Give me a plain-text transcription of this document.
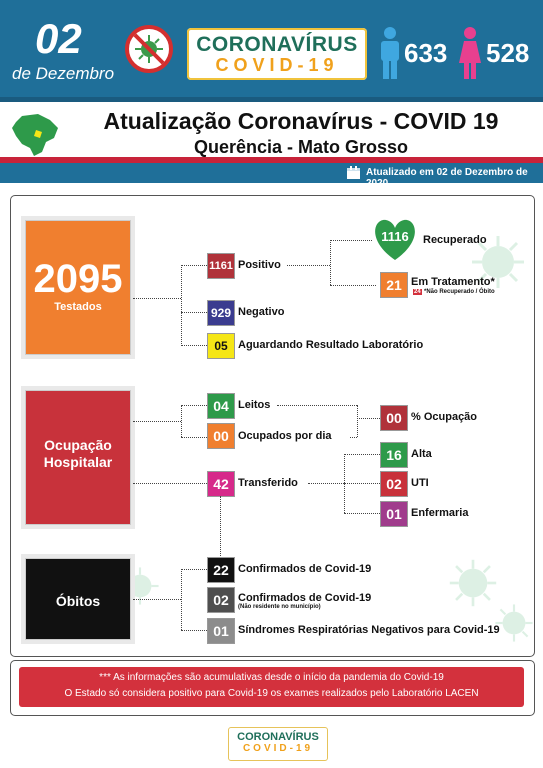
02
de Dezembro
CORONAVÍRUS
COVID-19	633 528
Atualização Coronavírus - COVID 19
Querência - Mato Grosso
Atualizado em 02 de Dezembro de 2020
2095
Testados
1161 Positivo
929 Negativo
05 Aguardando Resultado Laboratório
1116	Recuperado
21 Em Tratamento*
24 *Não Recuperado / Óbito
Ocupação
Hospitalar
04 Leitos
00 Ocupados por dia
00 % Ocupação
42 Transferido
16 Alta
02 UTI
01 Enfermaria
Óbitos
22 Confirmados de Covid-19
02 Confirmados de Covid-19
(Não residente no município)
01 Síndromes Respiratórias Negativos para Covid-19
*** As informações são acumulativas desde o início da pandemia do Covid-19
O Estado só considera positivo para Covid-19 os exames realizados pelo Laboratório LACEN
CORONAVÍRUS
COVID-19
